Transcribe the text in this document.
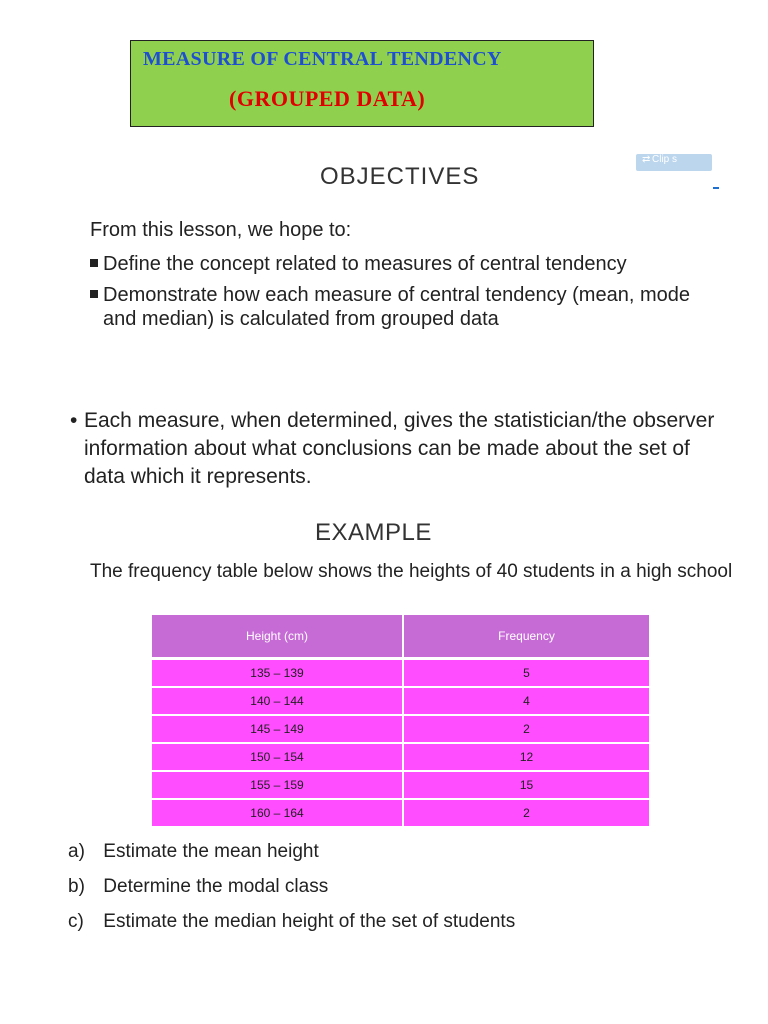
MEASURE OF CENTRAL TENDENCY
(GROUPED DATA)
⇄ Clip s
OBJECTIVES
From this lesson, we hope to:
Define the concept related to measures of central tendency
Demonstrate how each measure of central tendency (mean, mode and median) is calculated from grouped data
• Each measure, when determined, gives the statistician/the observer information about what conclusions can be made about the set of data which it represents.
EXAMPLE
The frequency table below shows the heights of 40 students in a high school
Height (cm)	Frequency
135 – 139	5
140 – 144	4
145 – 149	2
150 – 154	12
155 – 159	15
160 – 164	2
a) Estimate the mean height
b) Determine the modal class
c) Estimate the median height of the set of students
